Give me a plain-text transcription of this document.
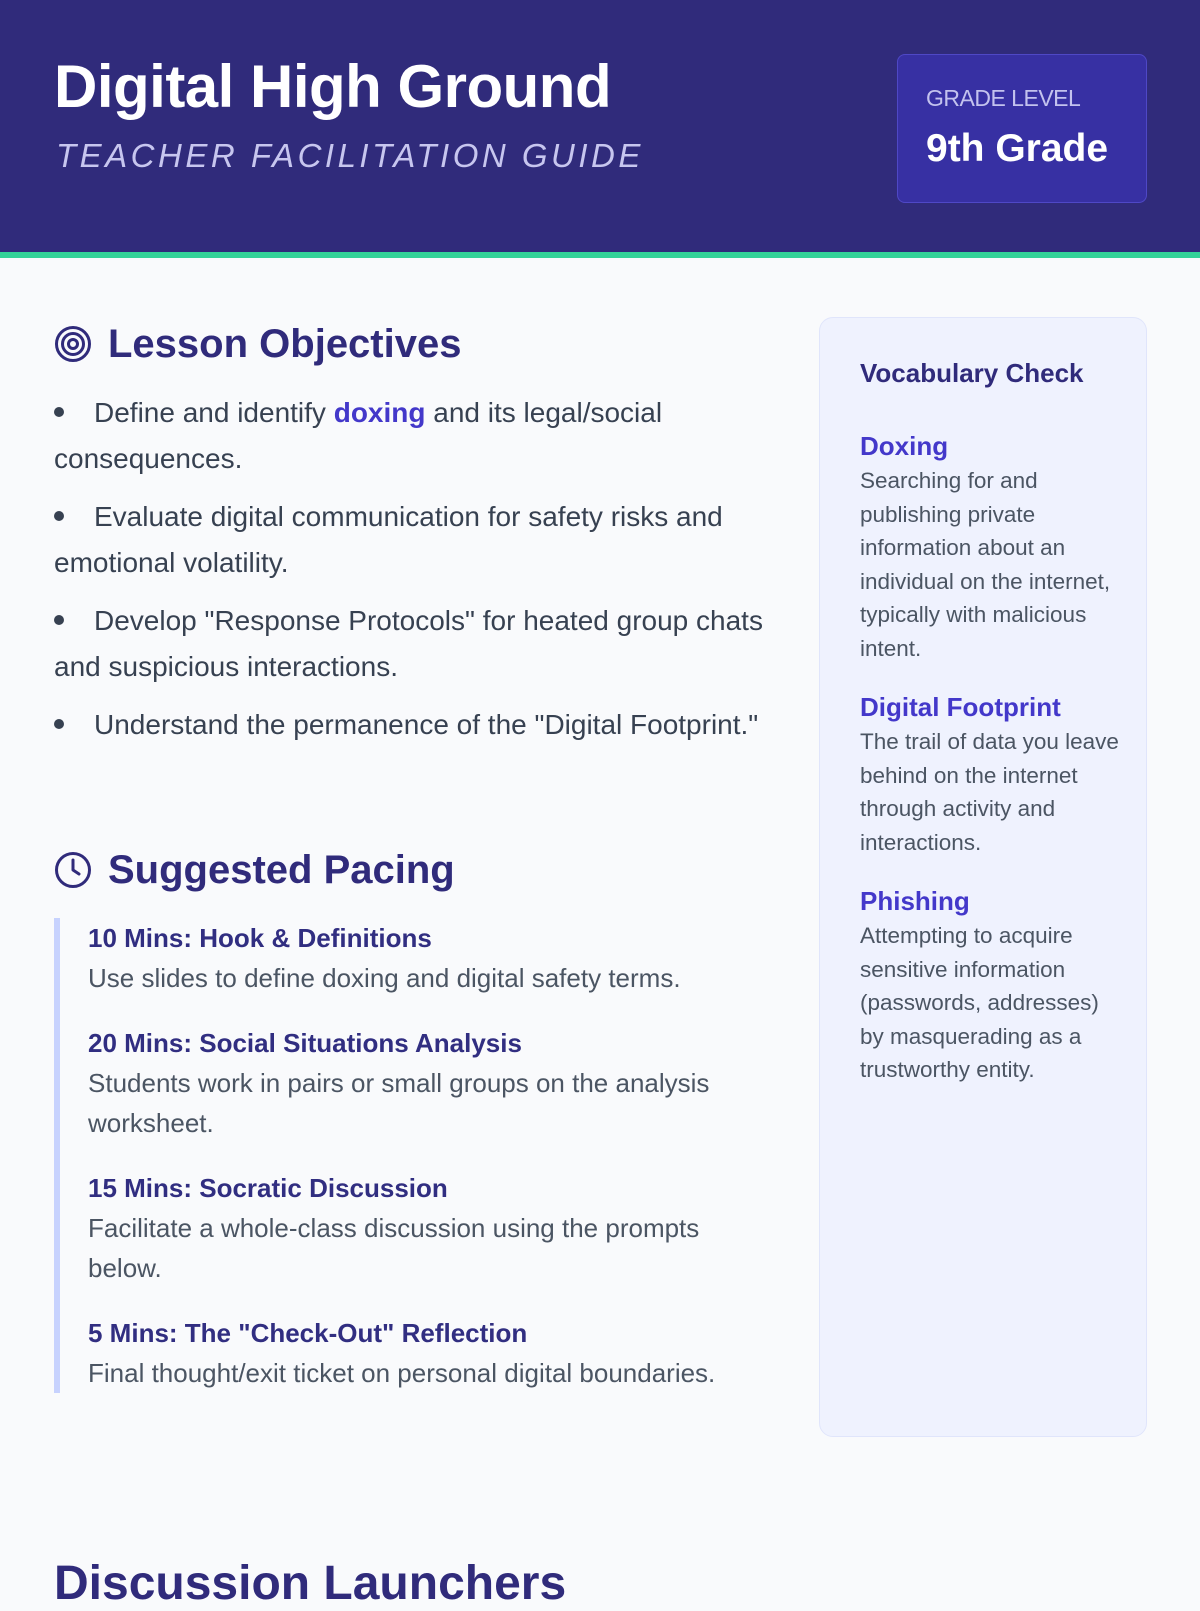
Digital High Ground
TEACHER FACILITATION GUIDE
GRADE LEVEL
9th Grade
Lesson Objectives
Define and identify doxing and its legal/social consequences.
Evaluate digital communication for safety risks and emotional volatility.
Develop "Response Protocols" for heated group chats and suspicious interactions.
Understand the permanence of the "Digital Footprint."
Suggested Pacing
10 Mins: Hook & Definitions
Use slides to define doxing and digital safety terms.
20 Mins: Social Situations Analysis
Students work in pairs or small groups on the analysis worksheet.
15 Mins: Socratic Discussion
Facilitate a whole-class discussion using the prompts below.
5 Mins: The "Check-Out" Reflection
Final thought/exit ticket on personal digital boundaries.
Vocabulary Check
Doxing
Searching for and publishing private information about an individual on the internet, typically with malicious intent.
Digital Footprint
The trail of data you leave behind on the internet through activity and interactions.
Phishing
Attempting to acquire sensitive information (passwords, addresses) by masquerading as a trustworthy entity.
Discussion Launchers
